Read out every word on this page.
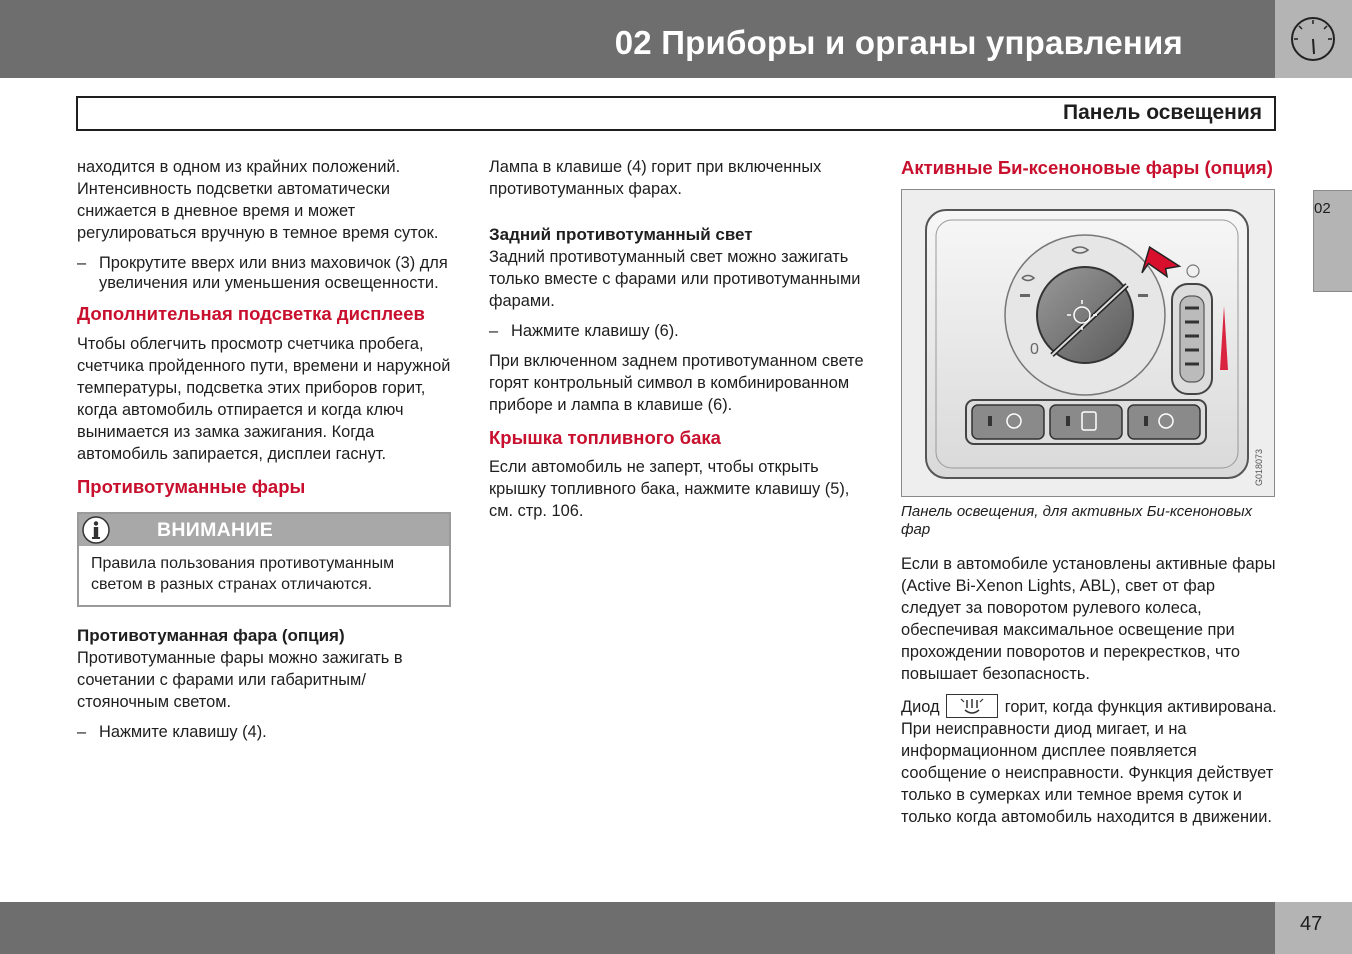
02 Приборы и органы управления
Панель освещения
02

находится в одном из крайних положений. Интенсивность подсветки автоматически снижается в дневное время и может регулироваться вручную в темное время суток.

– Прокрутите вверх или вниз маховичок (3) для увеличения или уменьшения освещенности.
Дополнительная подсветка дисплеев

Чтобы облегчить просмотр счетчика пробега, счетчика пройденного пути, времени и наружной температуры, подсветка этих приборов горит, когда автомобиль отпирается и когда ключ вынимается из замка зажигания. Когда автомобиль запирается, дисплеи гаснут.

Противотуманные фары
ВНИМАНИЕ
Правила пользования противотуманным светом в разных странах отличаются.
Противотуманная фара (опция)

Противотуманные фары можно зажигать в сочетании с фарами или габаритным/ стояночным светом.

– Нажмите клавишу (4).

Лампа в клавише (4) горит при включенных противотуманных фарах.

Задний противотуманный свет

Задний противотуманный свет можно зажигать только вместе с фарами или противотуманными фарами.

– Нажмите клавишу (6).

При включенном заднем противотуманном свете горят контрольный символ в комбинированном приборе и лампа в клавише (6).

Крышка топливного бака

Если автомобиль не заперт, чтобы открыть крышку топливного бака, нажмите клавишу (5), см. стр. 106.

Активные Би-ксеноновые фары (опция)
0
G018073
Панель освещения, для активных Би-ксеноновых фар

Если в автомобиле установлены активные фары (Active Bi-Xenon Lights, ABL), свет от фар следует за поворотом рулевого колеса, обеспечивая максимальное освещение при прохождении поворотов и перекрестков, что повышает безопасность.

Диод	горит, когда функция активирована. При неисправности диод мигает, и на информационном дисплее появляется сообщение о неисправности. Функция действует только в сумерках или темное время суток и только когда автомобиль находится в движении.

47
